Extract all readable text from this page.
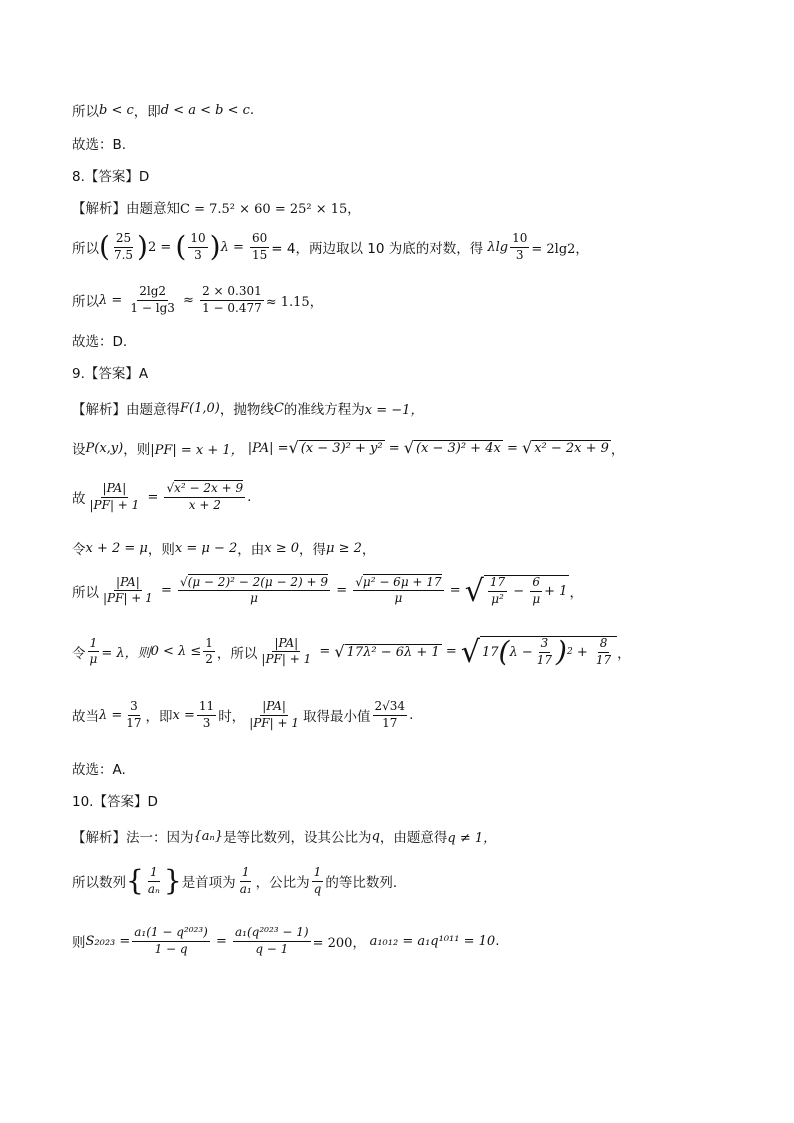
所以 b < c ，即 d < a < b < c .
故选：B.
8.【答案】D
【解析】由题意知 C = 7.5² × 60 = 25² × 15，
所以 ( $\frac{25}{7.5}$ ) 2 = ( $\frac{10}{3}$ ) $\lambda = \frac{60}{15} = 4$，两边取以 10 为底的对数，得 λlg $\frac{10}{3} = 2\lg 2$，
所以 $\lambda = \frac{2\lg 2}{1 - \lg 3} \approx \frac{2 \times 0.301}{1 - 0.477} \approx 1.15$，
故选：D.
9.【答案】A
【解析】由题意得 F(1,0) ，抛物线 C 的准线方程为 x = −1，
设 P(x,y) ，则 |PF| = x + 1，
|PA| = √ (x − 3)² + y² = √ (x − 3)² + 4x = √ x² − 2x + 9 ，
故 $\frac{|PA|}{|PF| + 1} = \frac{\text{√x² − 2x + 9}}{x + 2}$ .
令 x + 2 = μ ，则 x = μ − 2 ，由 x ≥ 0 ，得 μ ≥ 2 ，
所以 $\frac{|PA|}{|PF| + 1} = \frac{\text{√(μ − 2)² − 2(μ − 2) + 9}}{\mu} = \frac{\text{√μ² − 6μ + 17}}{\mu}$ = √ $\frac{17}{\text{μ²}} - \frac{6}{\mu} + 1$ ，
令 $\frac{1}{\mu} = \lambda$，则 $0 < \lambda \le \frac{1}{2}$ ，所以 $\frac{|PA|}{|PF| + 1}$ = √ 17λ² − 6λ + 1 = √ 17 ( $\lambda - \frac{3}{17}$ ) $2 + \frac{8}{17}$ ，
故当 $\lambda = \frac{3}{17}$ ，即 $x = \frac{11}{3}$ 时， $\frac{|PA|}{|PF| + 1}$ 取得最小值 $\frac{2√34}{17}$ .
故选：A.
10.【答案】D
【解析】法一：因为 {aₙ} 是等比数列，设其公比为 q ，由题意得 q ≠ 1，
所以数列 { $\frac{1}{\text{aₙ}}$ } 是首项为 $\frac{1}{\text{a₁}}$ ，公比为 $\frac{1}{q}$ 的等比数列.
则 $S_{2023} = \frac{\text{a₁(1 − q²⁰²³)}}{1 - q} = \frac{\text{a₁(q²⁰²³ − 1)}}{q - 1} = 200$，
a₁₀₁₂ = a₁q¹⁰¹¹ = 10 .
